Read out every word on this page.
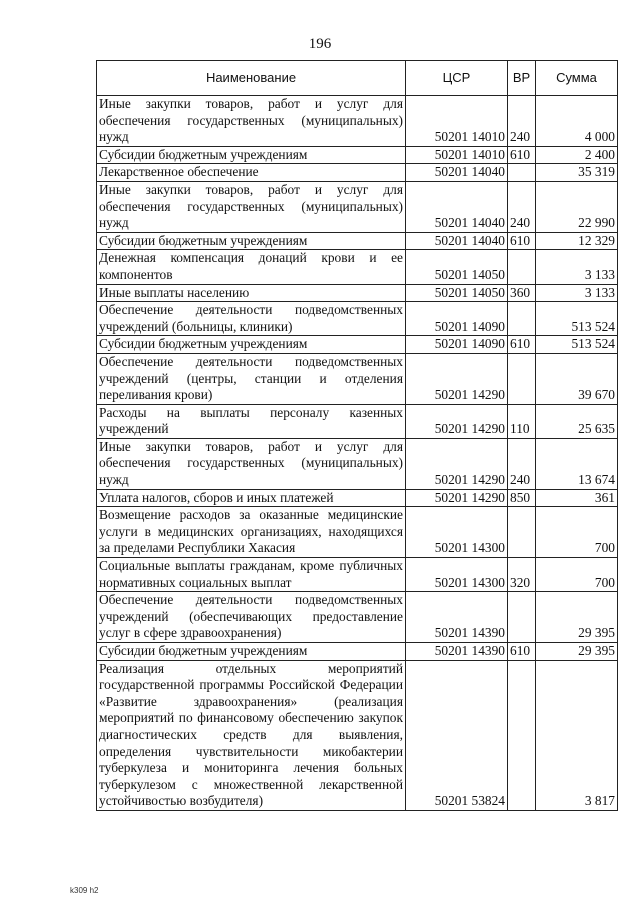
196
Наименование	ЦСР	ВР	Сумма
Иные закупки товаров, работ и услуг для обеспечения государственных (муниципальных) нужд	50201 14010	240	4 000
Субсидии бюджетным учреждениям	50201 14010	610	2 400
Лекарственное обеспечение	50201 14040		35 319
Иные закупки товаров, работ и услуг для обеспечения государственных (муниципальных) нужд	50201 14040	240	22 990
Субсидии бюджетным учреждениям	50201 14040	610	12 329
Денежная компенсация донаций крови и ее компонентов	50201 14050		3 133
Иные выплаты населению	50201 14050	360	3 133
Обеспечение деятельности подведомственных учреждений (больницы, клиники)	50201 14090		513 524
Субсидии бюджетным учреждениям	50201 14090	610	513 524
Обеспечение деятельности подведомственных учреждений (центры, станции и отделения переливания крови)	50201 14290		39 670
Расходы на выплаты персоналу казенных учреждений	50201 14290	110	25 635
Иные закупки товаров, работ и услуг для обеспечения государственных (муниципальных) нужд	50201 14290	240	13 674
Уплата налогов, сборов и иных платежей	50201 14290	850	361
Возмещение расходов за оказанные медицинские услуги в медицинских организациях, находящихся за пределами Республики Хакасия	50201 14300		700
Социальные выплаты гражданам, кроме публичных нормативных социальных выплат	50201 14300	320	700
Обеспечение деятельности подведомственных учреждений (обеспечивающих предоставление услуг в сфере здравоохранения)	50201 14390		29 395
Субсидии бюджетным учреждениям	50201 14390	610	29 395
Реализация отдельных мероприятий государственной программы Российской Федерации «Развитие здравоохранения» (реализация мероприятий по финансовому обеспечению закупок диагностических средств для выявления, определения чувствительности микобактерии туберкулеза и мониторинга лечения больных туберкулезом с множественной лекарственной устойчивостью возбудителя)	50201 53824		3 817
k309 h2
